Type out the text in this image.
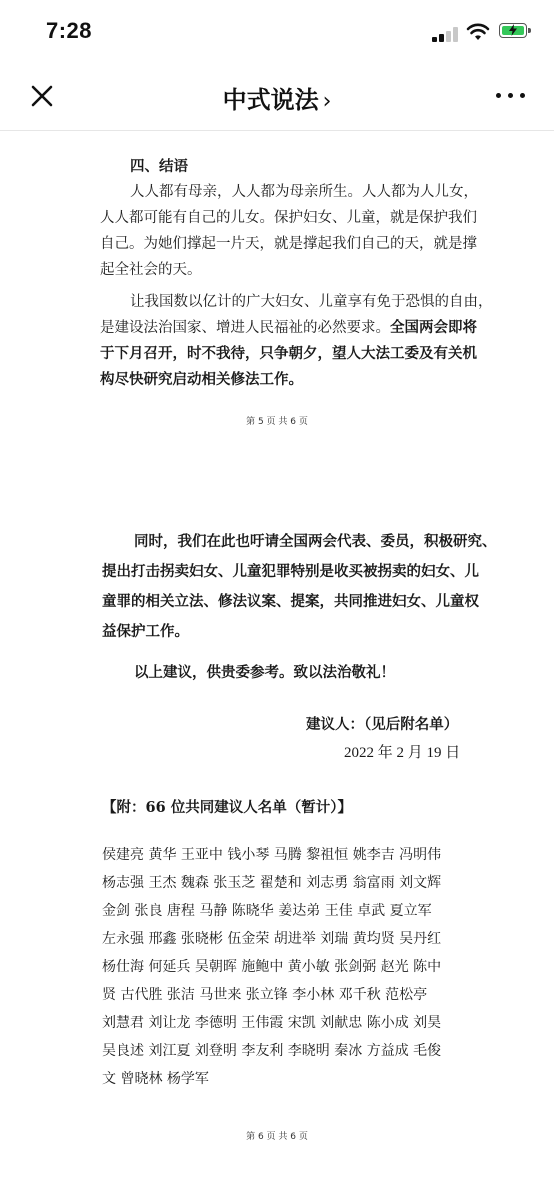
7:28
中式说法 ›
四、结语
人人都有母亲，人人都为母亲所生。人人都为人儿女，
人人都可能有自己的儿女。保护妇女、儿童，就是保护我们
自己。为她们撑起一片天，就是撑起我们自己的天，就是撑
起全社会的天。
让我国数以亿计的广大妇女、儿童享有免于恐惧的自由，
是建设法治国家、增进人民福祉的必然要求。全国两会即将
于下月召开，时不我待，只争朝夕，望人大法工委及有关机
构尽快研究启动相关修法工作。
第 5 页 共 6 页
同时，我们在此也吁请全国两会代表、委员，积极研究、
提出打击拐卖妇女、儿童犯罪特别是收买被拐卖的妇女、儿
童罪的相关立法、修法议案、提案，共同推进妇女、儿童权
益保护工作。
以上建议，供贵委参考。致以法治敬礼！
建议人：（见后附名单）
2022 年 2 月 19 日
【附：66 位共同建议人名单（暂计）】
侯建亮 黄华 王亚中 钱小琴 马腾 黎祖恒 姚李吉 冯明伟
杨志强 王杰 魏森 张玉芝 翟楚和 刘志勇 翁富雨 刘文辉
金剑 张良 唐程 马静 陈晓华 姜达弟 王佳 卓武 夏立军
左永强 邢鑫 张晓彬 伍金荣 胡进举 刘瑞 黄均贤 吴丹红
杨仕海 何延兵 吴朝晖 施鲍中 黄小敏 张剑弼 赵光 陈中
贤 古代胜 张洁 马世来 张立锋 李小林 邓千秋 范松亭
刘慧君 刘让龙 李德明 王伟霞 宋凯 刘献忠 陈小成 刘昊
吴良述 刘江夏 刘登明 李友利 李晓明 秦冰 方益成 毛俊
文 曾晓林 杨学军
第 6 页 共 6 页
